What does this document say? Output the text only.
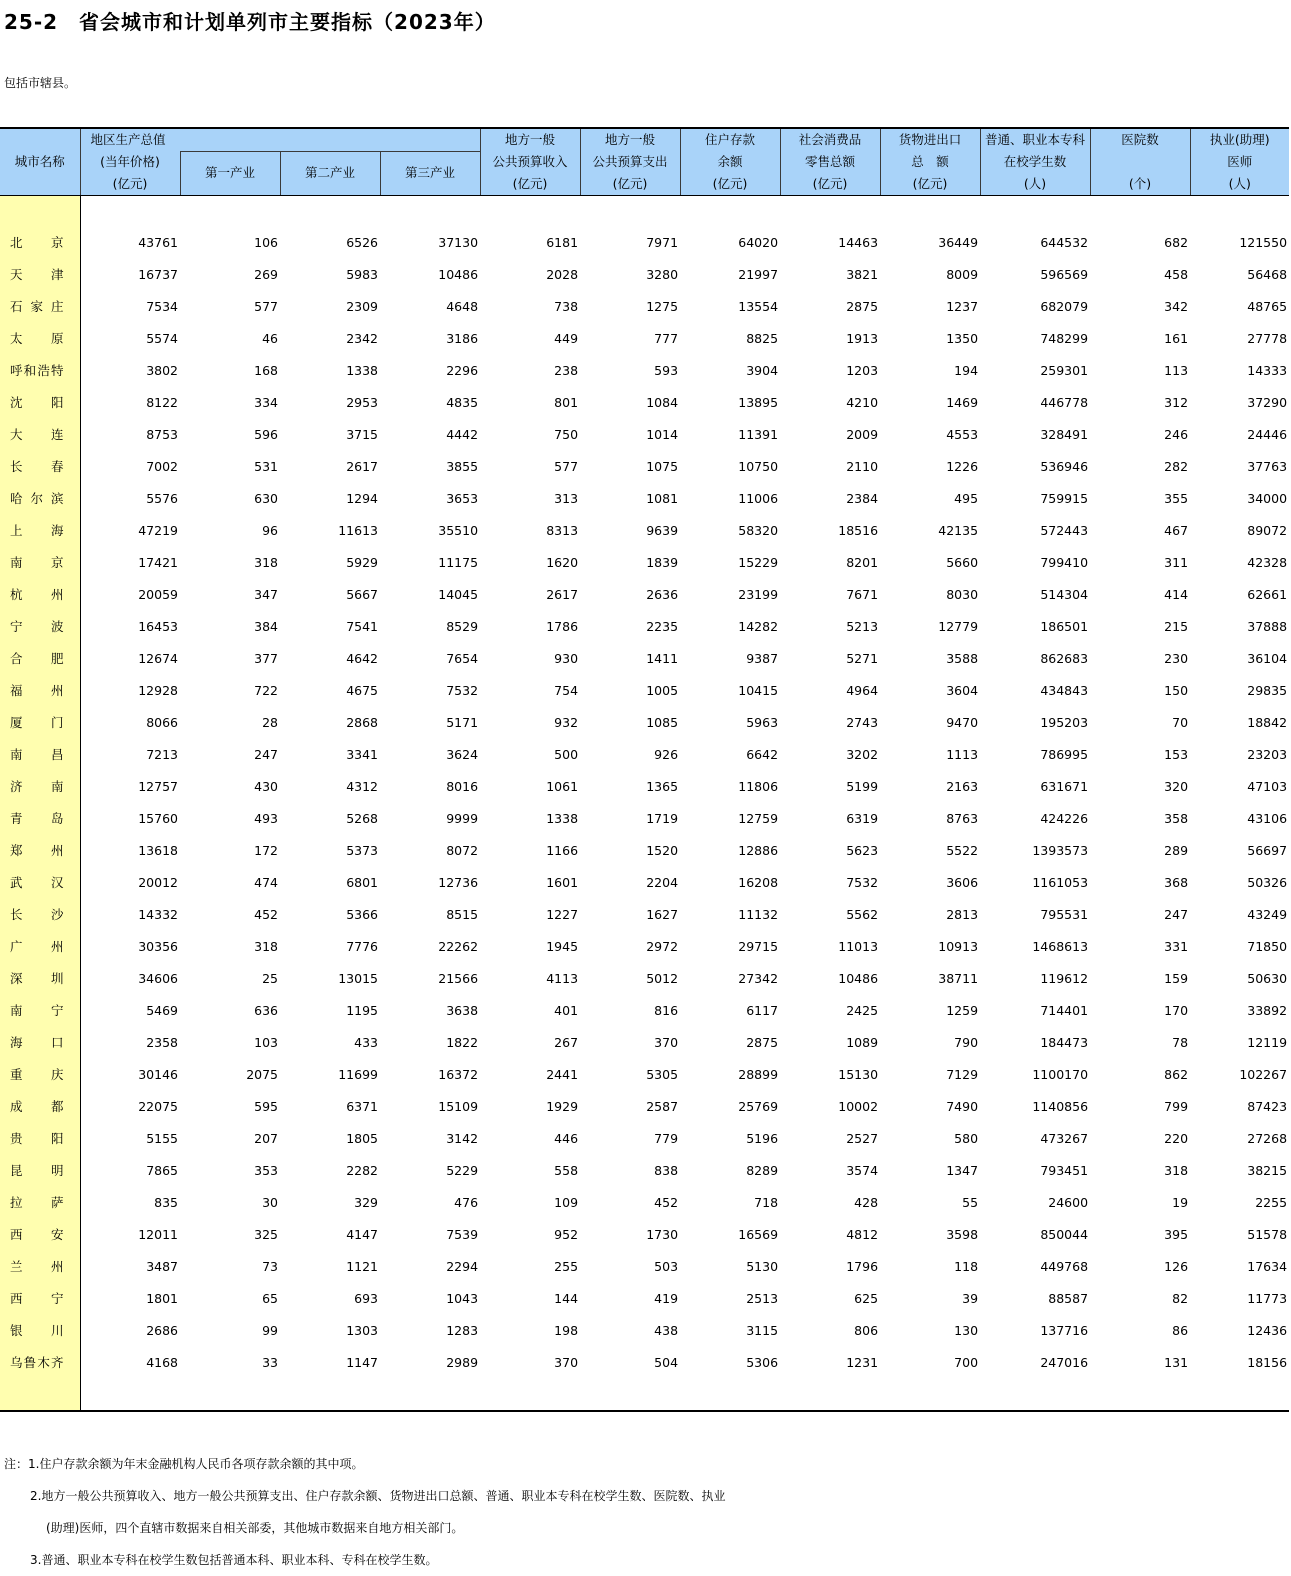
25-2　省会城市和计划单列市主要指标（2023年）
包括市辖县。
城市名称	地区生产总值				地方一般	地方一般	住户存款	社会消费品	货物进出口	普通、职业本专科	医院数	执业(助理)
	(当年价格)	第一产业	第二产业	第三产业	公共预算收入	公共预算支出	余额	零售总额	总　额	在校学生数		医师
	(亿元)				(亿元)	(亿元)	(亿元)	(亿元)	(亿元)	(人)	(个)	(人)

北京	43761	106	6526	37130	6181	7971	64020	14463	36449	644532	682	121550
天津	16737	269	5983	10486	2028	3280	21997	3821	8009	596569	458	56468
石家庄	7534	577	2309	4648	738	1275	13554	2875	1237	682079	342	48765
太原	5574	46	2342	3186	449	777	8825	1913	1350	748299	161	27778
呼和浩特	3802	168	1338	2296	238	593	3904	1203	194	259301	113	14333
沈阳	8122	334	2953	4835	801	1084	13895	4210	1469	446778	312	37290
大连	8753	596	3715	4442	750	1014	11391	2009	4553	328491	246	24446
长春	7002	531	2617	3855	577	1075	10750	2110	1226	536946	282	37763
哈尔滨	5576	630	1294	3653	313	1081	11006	2384	495	759915	355	34000
上海	47219	96	11613	35510	8313	9639	58320	18516	42135	572443	467	89072
南京	17421	318	5929	11175	1620	1839	15229	8201	5660	799410	311	42328
杭州	20059	347	5667	14045	2617	2636	23199	7671	8030	514304	414	62661
宁波	16453	384	7541	8529	1786	2235	14282	5213	12779	186501	215	37888
合肥	12674	377	4642	7654	930	1411	9387	5271	3588	862683	230	36104
福州	12928	722	4675	7532	754	1005	10415	4964	3604	434843	150	29835
厦门	8066	28	2868	5171	932	1085	5963	2743	9470	195203	70	18842
南昌	7213	247	3341	3624	500	926	6642	3202	1113	786995	153	23203
济南	12757	430	4312	8016	1061	1365	11806	5199	2163	631671	320	47103
青岛	15760	493	5268	9999	1338	1719	12759	6319	8763	424226	358	43106
郑州	13618	172	5373	8072	1166	1520	12886	5623	5522	1393573	289	56697
武汉	20012	474	6801	12736	1601	2204	16208	7532	3606	1161053	368	50326
长沙	14332	452	5366	8515	1227	1627	11132	5562	2813	795531	247	43249
广州	30356	318	7776	22262	1945	2972	29715	11013	10913	1468613	331	71850
深圳	34606	25	13015	21566	4113	5012	27342	10486	38711	119612	159	50630
南宁	5469	636	1195	3638	401	816	6117	2425	1259	714401	170	33892
海口	2358	103	433	1822	267	370	2875	1089	790	184473	78	12119
重庆	30146	2075	11699	16372	2441	5305	28899	15130	7129	1100170	862	102267
成都	22075	595	6371	15109	1929	2587	25769	10002	7490	1140856	799	87423
贵阳	5155	207	1805	3142	446	779	5196	2527	580	473267	220	27268
昆明	7865	353	2282	5229	558	838	8289	3574	1347	793451	318	38215
拉萨	835	30	329	476	109	452	718	428	55	24600	19	2255
西安	12011	325	4147	7539	952	1730	16569	4812	3598	850044	395	51578
兰州	3487	73	1121	2294	255	503	5130	1796	118	449768	126	17634
西宁	1801	65	693	1043	144	419	2513	625	39	88587	82	11773
银川	2686	99	1303	1283	198	438	3115	806	130	137716	86	12436
乌鲁木齐	4168	33	1147	2989	370	504	5306	1231	700	247016	131	18156

注：1.住户存款余额为年末金融机构人民币各项存款余额的其中项。
2.地方一般公共预算收入、地方一般公共预算支出、住户存款余额、货物进出口总额、普通、职业本专科在校学生数、医院数、执业
(助理)医师，四个直辖市数据来自相关部委，其他城市数据来自地方相关部门。
3.普通、职业本专科在校学生数包括普通本科、职业本科、专科在校学生数。
